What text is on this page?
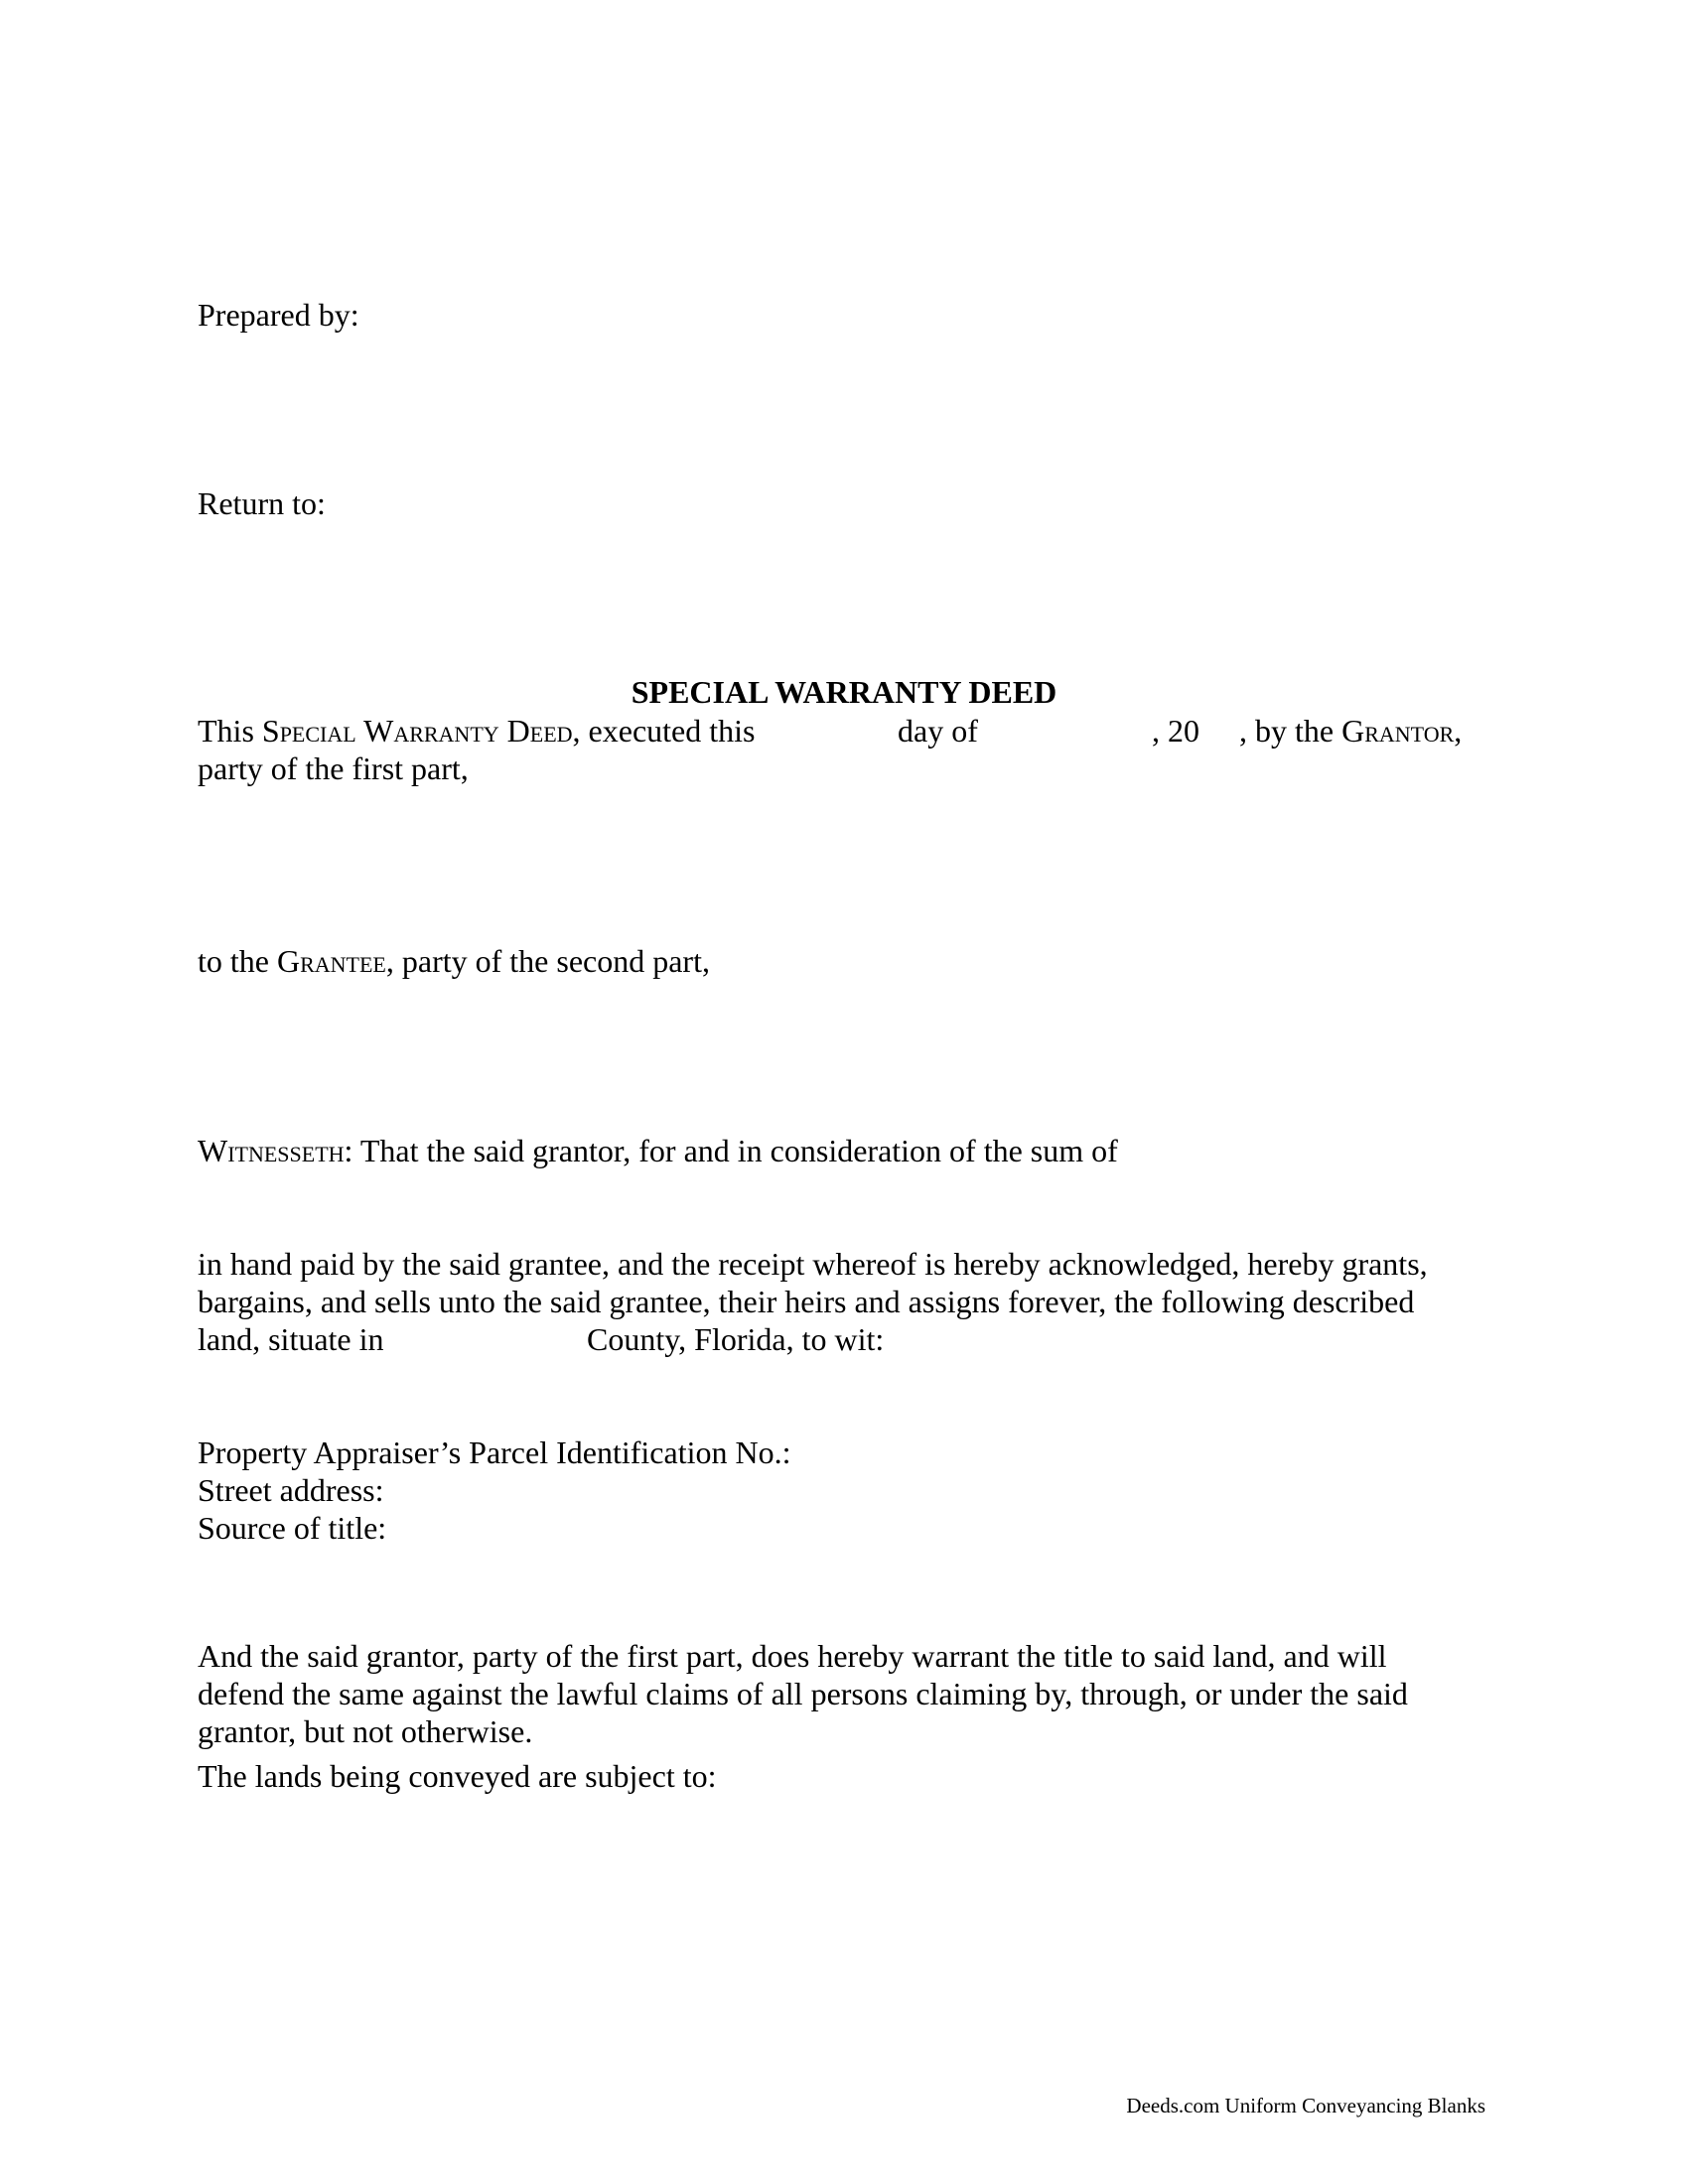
Prepared by:
Return to:
SPECIAL WARRANTY DEED
This Special Warranty Deed, executed this	day of	, 20 , by the Grantor,
party of the first part,
to the Grantee, party of the second part,
Witnesseth: That the said grantor, for and in consideration of the sum of
in hand paid by the said grantee, and the receipt whereof is hereby acknowledged, hereby grants,
bargains, and sells unto the said grantee, their heirs and assigns forever, the following described
land, situate in	County, Florida, to wit:
Property Appraiser’s Parcel Identification No.:
Street address:
Source of title:
And the said grantor, party of the first part, does hereby warrant the title to said land, and will
defend the same against the lawful claims of all persons claiming by, through, or under the said
grantor, but not otherwise.
The lands being conveyed are subject to:
Deeds.com Uniform Conveyancing Blanks
